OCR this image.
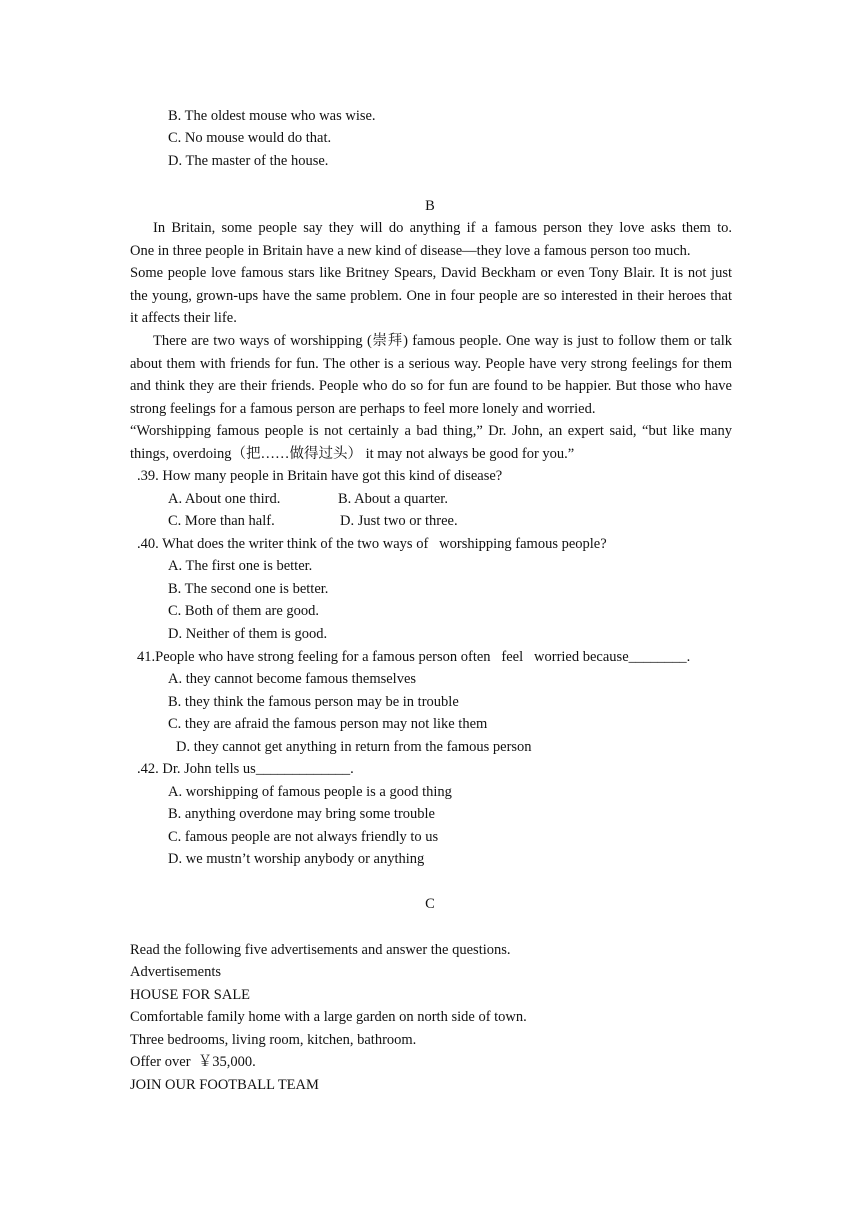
B. The oldest mouse who was wise.

C. No mouse would do that.

D. The master of the house.

B

In Britain, some people say they will do anything if a famous person they love asks them to.

One in three people in Britain have a new kind of disease—they love a famous person too much.

Some people love famous stars like Britney Spears, David Beckham or even Tony Blair. It is not just the young, grown-ups have the same problem. One in four people are so interested in their heroes that it affects their life.

There are two ways of worshipping (崇拜) famous people. One way is just to follow them or talk about them with friends for fun. The other is a serious way. People have very strong feelings for them and think they are their friends. People who do so for fun are found to be happier. But those who have strong feelings for a famous person are perhaps to feel more lonely and worried.

“Worshipping famous people is not certainly a bad thing,” Dr. John, an expert said, “but like many things, overdoing（把……做得过头） it may not always be good for you.”

.39. How many people in Britain have got this kind of disease?

A. About one third.	B. About a quarter.

C. More than half.	D. Just two or three.

.40. What does the writer think of the two ways of   worshipping famous people?

A. The first one is better.

B. The second one is better.

C. Both of them are good.

D. Neither of them is good.

41.People who have strong feeling for a famous person often   feel   worried because________.

A. they cannot become famous themselves

B. they think the famous person may be in trouble

C. they are afraid the famous person may not like them

D. they cannot get anything in return from the famous person

.42. Dr. John tells us_____________.

A. worshipping of famous people is a good thing

B. anything overdone may bring some trouble

C. famous people are not always friendly to us

D. we mustn’t worship anybody or anything

C

Read the following five advertisements and answer the questions.

Advertisements

HOUSE FOR SALE

Comfortable family home with a large garden on north side of town.

Three bedrooms, living room, kitchen, bathroom.

Offer over  ￥35,000.

JOIN OUR FOOTBALL TEAM
